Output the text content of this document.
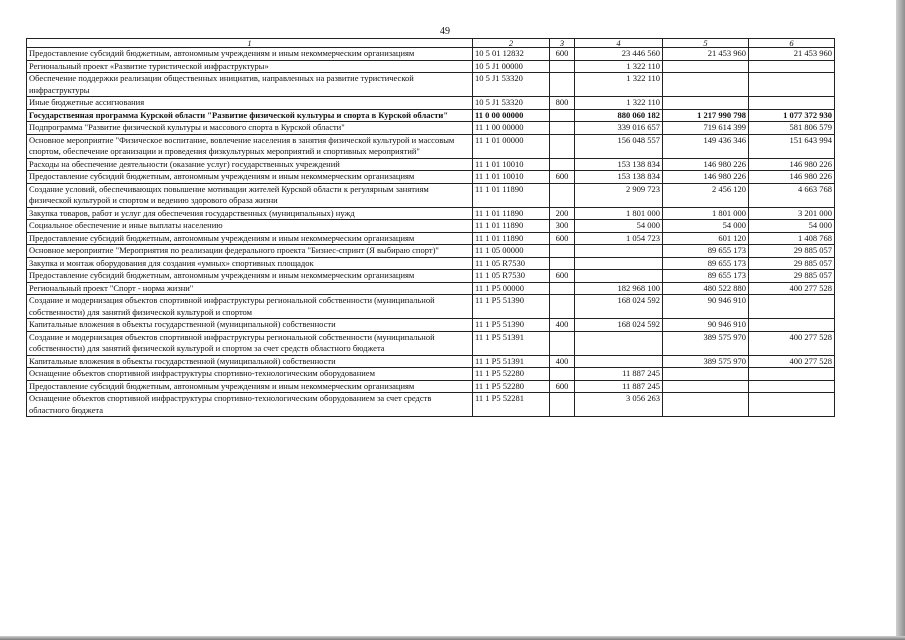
49
1	2	3	4	5	6
Предоставление субсидий бюджетным, автономным учреждениям и иным некоммерческим организациям	10 5 01 12832	600	23 446 560	21 453 960	21 453 960
Региональный проект «Развитие туристической инфраструктуры»	10 5 J1 00000		1 322 110		
Обеспечение поддержки реализации общественных инициатив, направленных на развитие туристической инфраструктуры	10 5 J1 53320		1 322 110		
Иные бюджетные ассигнования	10 5 J1 53320	800	1 322 110		
Государственная программа Курской области "Развитие физической культуры и спорта в Курской области"	11 0 00 00000		880 060 182	1 217 990 798	1 077 372 930
Подпрограмма "Развитие физической культуры и массового спорта в Курской области"	11 1 00 00000		339 016 657	719 614 399	581 806 579
Основное мероприятие "Физическое воспитание, вовлечение населения в занятия физической культурой и массовым спортом, обеспечение организации и проведения физкультурных мероприятий и спортивных мероприятий"	11 1 01 00000		156 048 557	149 436 346	151 643 994
Расходы на обеспечение деятельности (оказание услуг) государственных учреждений	11 1 01 10010		153 138 834	146 980 226	146 980 226
Предоставление субсидий бюджетным, автономным учреждениям и иным некоммерческим организациям	11 1 01 10010	600	153 138 834	146 980 226	146 980 226
Создание условий, обеспечивающих повышение мотивации жителей Курской области к регулярным занятиям физической культурой и спортом и ведению здорового образа жизни	11 1 01 11890		2 909 723	2 456 120	4 663 768
Закупка товаров, работ и услуг для обеспечения государственных (муниципальных) нужд	11 1 01 11890	200	1 801 000	1 801 000	3 201 000
Социальное обеспечение и иные выплаты населению	11 1 01 11890	300	54 000	54 000	54 000
Предоставление субсидий бюджетным, автономным учреждениям и иным некоммерческим организациям	11 1 01 11890	600	1 054 723	601 120	1 408 768
Основное мероприятие "Мероприятия по реализации федерального проекта "Бизнес-спринт (Я выбираю спорт)"	11 1 05 00000			89 655 173	29 885 057
Закупка и монтаж оборудования для создания «умных» спортивных площадок	11 1 05 R7530			89 655 173	29 885 057
Предоставление субсидий бюджетным, автономным учреждениям и иным некоммерческим организациям	11 1 05 R7530	600		89 655 173	29 885 057
Региональный проект "Спорт - норма жизни"	11 1 P5 00000		182 968 100	480 522 880	400 277 528
Создание и модернизация объектов спортивной инфраструктуры региональной собственности (муниципальной собственности) для занятий физической культурой и спортом	11 1 P5 51390		168 024 592	90 946 910	
Капитальные вложения в объекты государственной (муниципальной) собственности	11 1 P5 51390	400	168 024 592	90 946 910	
Создание и модернизация объектов спортивной инфраструктуры региональной собственности (муниципальной собственности) для занятий физической культурой и спортом за счет средств областного бюджета	11 1 P5 51391			389 575 970	400 277 528
Капитальные вложения в объекты государственной (муниципальной) собственности	11 1 P5 51391	400		389 575 970	400 277 528
Оснащение объектов спортивной инфраструктуры спортивно-технологическим оборудованием	11 1 P5 52280		11 887 245		
Предоставление субсидий бюджетным, автономным учреждениям и иным некоммерческим организациям	11 1 P5 52280	600	11 887 245		
Оснащение объектов спортивной инфраструктуры спортивно-технологическим оборудованием за счет средств областного бюджета	11 1 P5 52281		3 056 263		
